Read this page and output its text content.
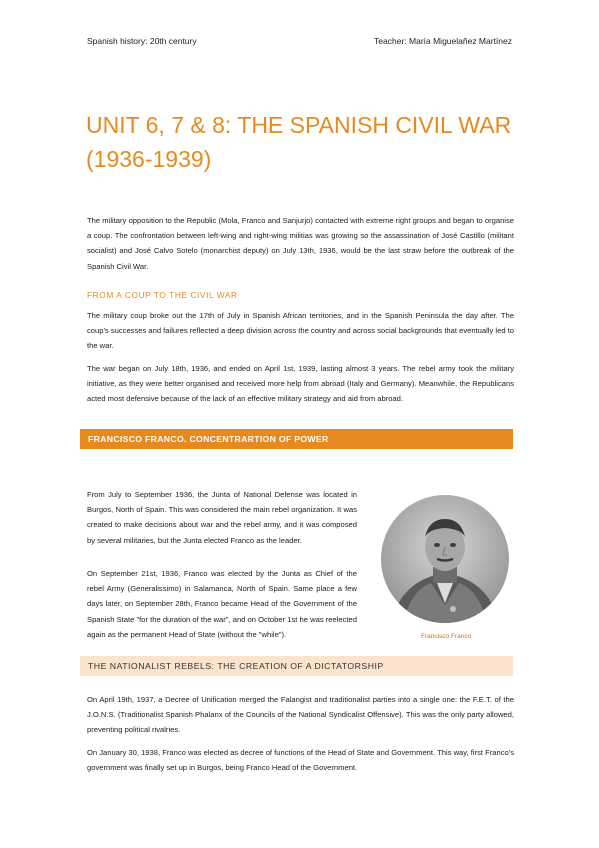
Spanish history: 20th century	Teacher: María Miguelañez Martínez
UNIT 6, 7 & 8: THE SPANISH CIVIL WAR
(1936-1939)

The military opposition to the Republic (Mola, Franco and Sanjurjo) contacted with extreme right groups and began to organise a coup. The confrontation between left-wing and right-wing militias was growing so the assassination of José Castillo (militant socialist) and José Calvo Sotelo (monarchist deputy) on July 13th, 1936, would be the last straw before the outbreak of the Spanish Civil War.

FROM A COUP TO THE CIVIL WAR

The military coup broke out the 17th of July in Spanish African territories, and in the Spanish Peninsula the day after. The coup's successes and failures reflected a deep division across the country and across social backgrounds that eventually led to the war.

The war began on July 18th, 1936, and ended on April 1st, 1939, lasting almost 3 years. The rebel army took the military initiative, as they were better organised and received more help from abroad (Italy and Germany). Meanwhile, the Republicans acted most defensive because of the lack of an effective military strategy and aid from abroad.

FRANCISCO FRANCO. CONCENTRARTION OF POWER

From July to September 1936, the Junta of National Defense was located in Burgos, North of Spain. This was considered the main rebel organization. It was created to make decisions about war and the rebel army, and it was composed by several militaries, but the Junta elected Franco as the leader.

On September 21st, 1936, Franco was elected by the Junta as Chief of the rebel Army (Generalissimo) in Salamanca, North of Spain. Same place a few days later, on September 28th, Franco became Head of the Government of the Spanish State "for the duration of the war", and on October 1st he was reelected again as the permanent Head of State (without the "while").	Francisco Franco
THE NATIONALIST REBELS: THE CREATION OF A DICTATORSHIP

On April 19th, 1937, a Decree of Unification merged the Falangist and traditionalist parties into a single one: the F.E.T. of the J.O.N.S. (Traditionalist Spanish Phalanx of the Councils of the National Syndicalist Offensive). This was the only party allowed, preventing political rivalries.

On January 30, 1938, Franco was elected as decree of functions of the Head of State and Government. This way, first Franco's government was finally set up in Burgos, being Franco Head of the Government.
